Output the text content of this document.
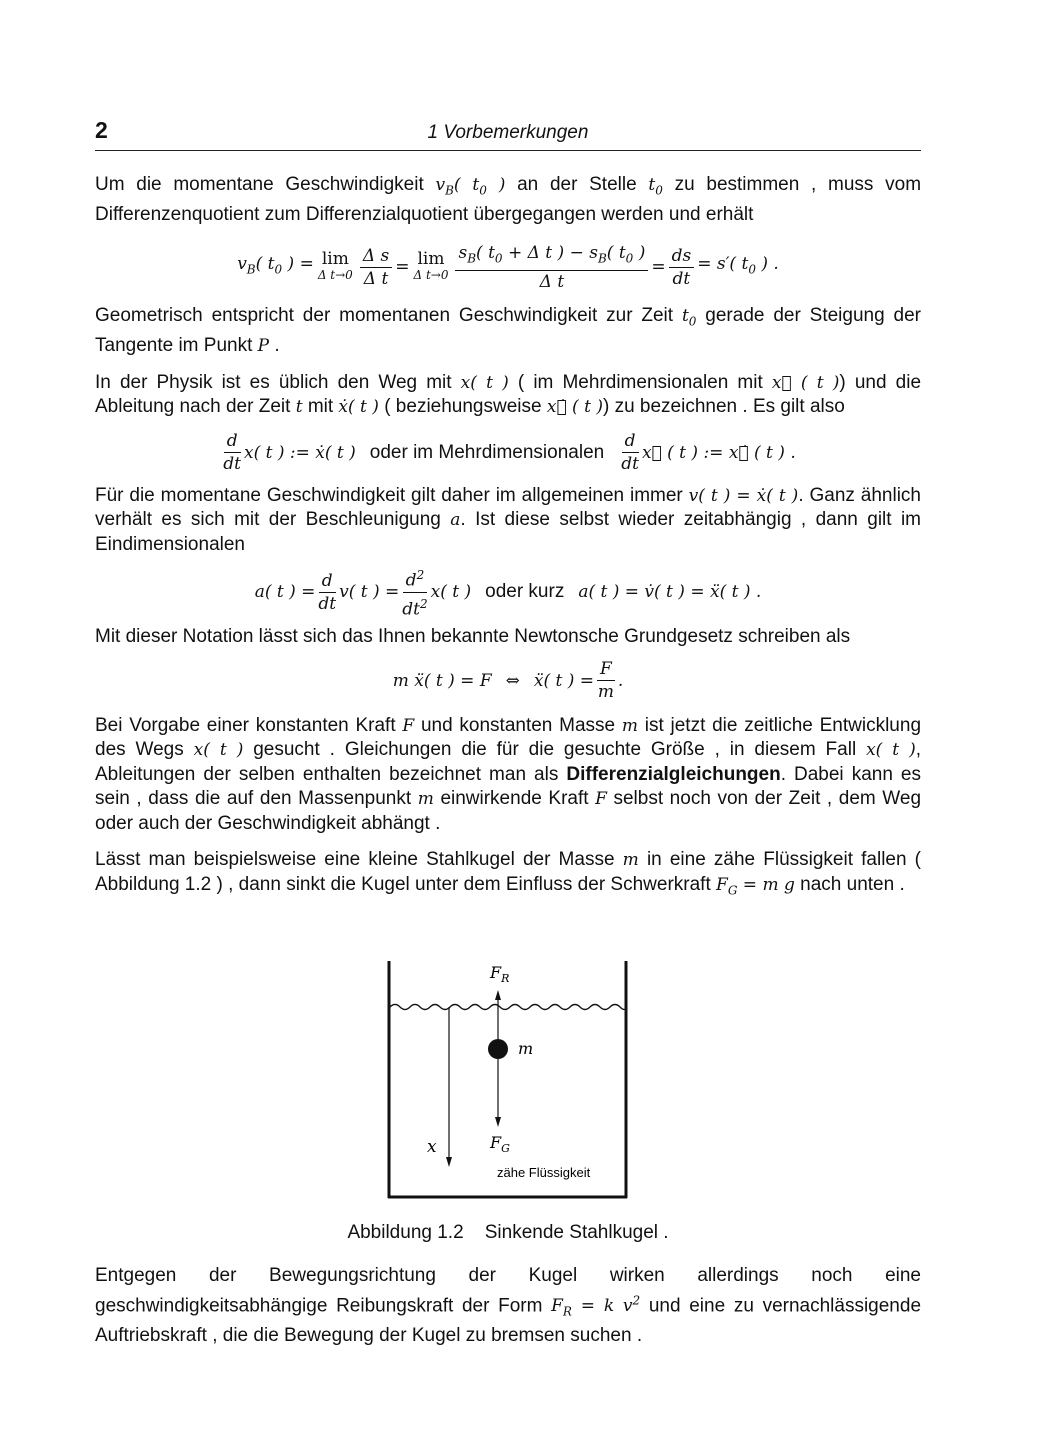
2	1 Vorbemerkungen

Um die momentane Geschwindigkeit $v_B$( $t_0$ ) an der Stelle $t_0$ zu bestimmen , muss vom Differenzenquotient zum Differenzialquotient übergegangen werden und erhält

$v_B$( $t_0$ ) = lim
Δ $t\to 0 \frac{\text{Δ s}}{\text{Δ t}} = \lim$
Δ $t\to 0 \frac{s_B( t_0 + \Delta t ) - s_B( t_0 )}{\text{Δ t}} = \frac{ds}{dt} = s'$( $t_0$ ) .

Geometrisch entspricht der momentanen Geschwindigkeit zur Zeit $t_0$ gerade der Steigung der Tangente im Punkt P .

In der Physik ist es üblich den Weg mit x( t ) ( im Mehrdimensionalen mit x⃗ ( t )) und die Ableitung nach der Zeit t mit ẋ( t ) ( beziehungsweise x⃗̇ ( t )) zu bezeichnen . Es gilt also

d
dt
x( t ) := ẋ( t ) oder im Mehrdimensionalen
d
dt
x⃗ ( t ) := x⃗̇ ( t ) .

Für die momentane Geschwindigkeit gilt daher im allgemeinen immer v( t ) = ẋ( t ). Ganz ähnlich verhält es sich mit der Beschleunigung a. Ist diese selbst wieder zeitabhängig , dann gilt im Eindimensionalen

a( t ) = $\frac{d}{dt} v$( t ) = $\frac{d^2}{dt^2} x$( t ) oder kurz a( t ) = v̇( t ) = ẍ( t ) .

Mit dieser Notation lässt sich das Ihnen bekannte Newtonsche Grundgesetz schreiben als

m ẍ( t ) = F ⇔ ẍ( t ) = $\frac{F}{m}$ .

Bei Vorgabe einer konstanten Kraft F und konstanten Masse m ist jetzt die zeitliche Entwicklung des Wegs x( t ) gesucht . Gleichungen die für die gesuchte Größe , in diesem Fall x( t ), Ableitungen der selben enthalten bezeichnet man als Differenzialgleichungen. Dabei kann es sein , dass die auf den Massenpunkt m einwirkende Kraft F selbst noch von der Zeit , dem Weg oder auch der Geschwindigkeit abhängt .

Lässt man beispielsweise eine kleine Stahlkugel der Masse m in eine zähe Flüssigkeit fallen ( Abbildung 1.2 ) , dann sinkt die Kugel unter dem Einfluss der Schwerkraft $F_G = m$ g nach unten .

$F_R$
m
$F_G$
x
zähe Flüssigkeit
Abbildung 1.2    Sinkende Stahlkugel .

Entgegen der Bewegungsrichtung der Kugel wirken allerdings noch eine geschwindigkeitsabhängige Reibungskraft der Form $F_R = k$ $v^2$ und eine zu vernachlässigende Auftriebskraft , die die Bewegung der Kugel zu bremsen suchen .
